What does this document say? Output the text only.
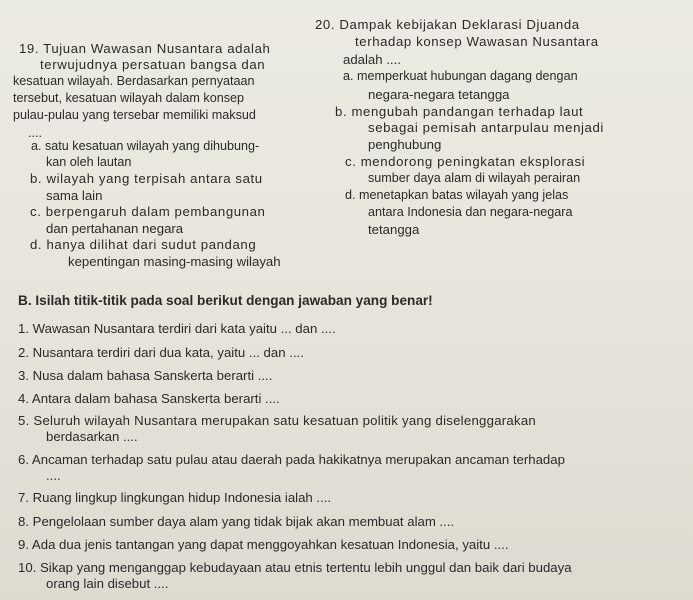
19. Tujuan Wawasan Nusantara adalah
terwujudnya persatuan bangsa dan
kesatuan wilayah. Berdasarkan pernyataan
tersebut, kesatuan wilayah dalam konsep
pulau-pulau yang tersebar memiliki maksud
....
a. satu kesatuan wilayah yang dihubung-
kan oleh lautan
b. wilayah yang terpisah antara satu
sama lain
c. berpengaruh dalam pembangunan
dan pertahanan negara
d. hanya dilihat dari sudut pandang
kepentingan masing-masing wilayah
20. Dampak kebijakan Deklarasi Djuanda
terhadap konsep Wawasan Nusantara
adalah ....
a. memperkuat hubungan dagang dengan
negara-negara tetangga
b. mengubah pandangan terhadap laut
sebagai pemisah antarpulau menjadi
penghubung
c. mendorong peningkatan eksplorasi
sumber daya alam di wilayah perairan
d. menetapkan batas wilayah yang jelas
antara Indonesia dan negara-negara
tetangga
B. Isilah titik-titik pada soal berikut dengan jawaban yang benar!
1. Wawasan Nusantara terdiri dari kata yaitu ... dan ....
2. Nusantara terdiri dari dua kata, yaitu ... dan ....
3. Nusa dalam bahasa Sanskerta berarti ....
4. Antara dalam bahasa Sanskerta berarti ....
5. Seluruh wilayah Nusantara merupakan satu kesatuan politik yang diselenggarakan
berdasarkan ....
6. Ancaman terhadap satu pulau atau daerah pada hakikatnya merupakan ancaman terhadap
....
7. Ruang lingkup lingkungan hidup Indonesia ialah ....
8. Pengelolaan sumber daya alam yang tidak bijak akan membuat alam ....
9. Ada dua jenis tantangan yang dapat menggoyahkan kesatuan Indonesia, yaitu ....
10. Sikap yang menganggap kebudayaan atau etnis tertentu lebih unggul dan baik dari budaya
orang lain disebut ....
